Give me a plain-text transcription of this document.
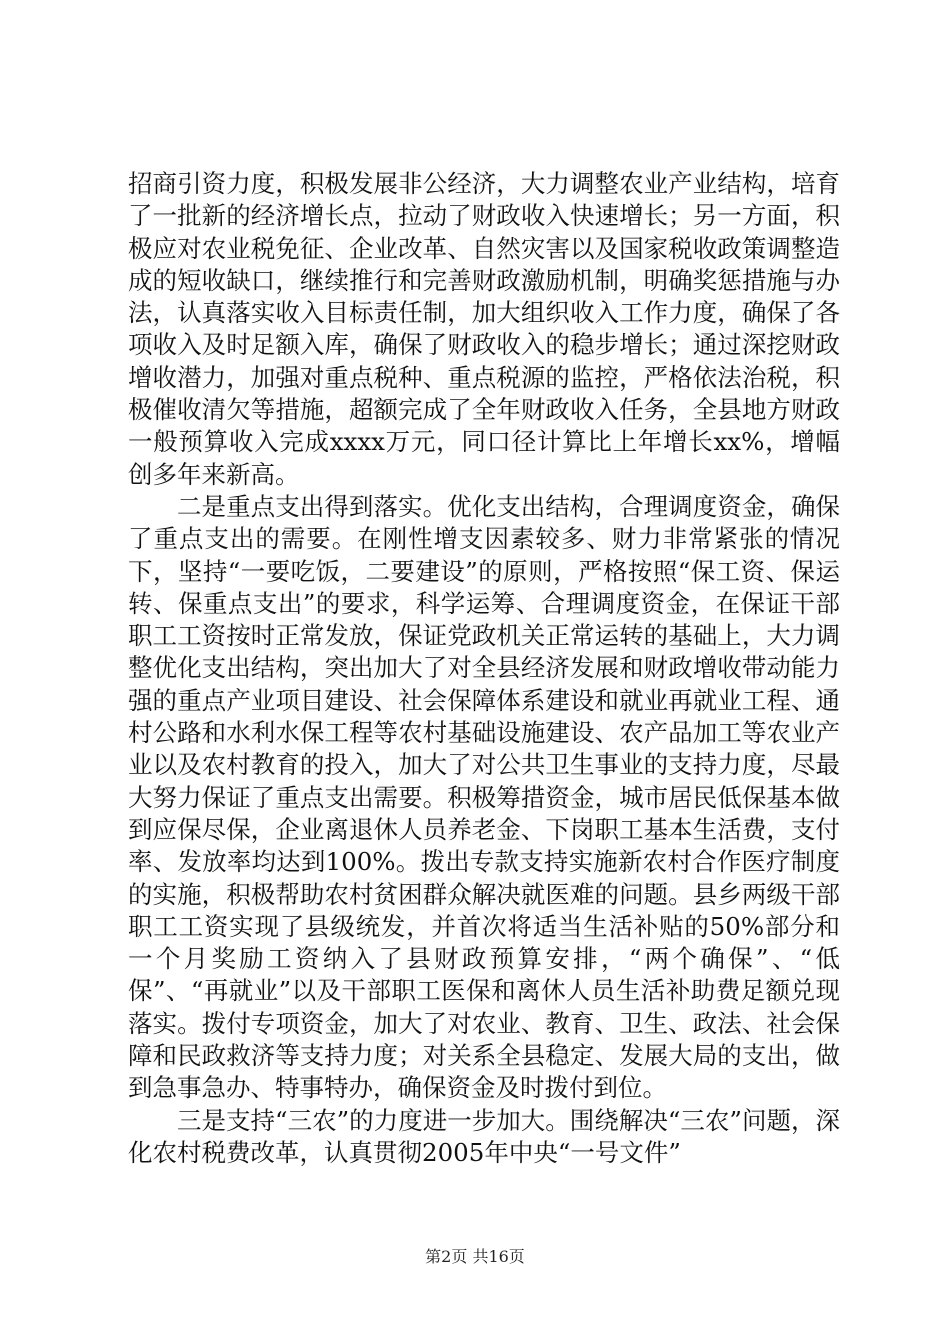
招商引资力度，积极发展非公经济，大力调整农业产业结构，培育了一批新的经济增长点，拉动了财政收入快速增长；另一方面，积极应对农业税免征、企业改革、自然灾害以及国家税收政策调整造成的短收缺口，继续推行和完善财政激励机制，明确奖惩措施与办法，认真落实收入目标责任制，加大组织收入工作力度，确保了各项收入及时足额入库，确保了财政收入的稳步增长；通过深挖财政增收潜力，加强对重点税种、重点税源的监控，严格依法治税，积极催收清欠等措施，超额完成了全年财政收入任务，全县地方财政一般预算收入完成xxxx万元，同口径计算比上年增长xx%，增幅创多年来新高。

二是重点支出得到落实。优化支出结构，合理调度资金，确保了重点支出的需要。在刚性增支因素较多、财力非常紧张的情况下，坚持“一要吃饭，二要建设”的原则，严格按照“保工资、保运转、保重点支出”的要求，科学运筹、合理调度资金，在保证干部职工工资按时正常发放，保证党政机关正常运转的基础上，大力调整优化支出结构，突出加大了对全县经济发展和财政增收带动能力强的重点产业项目建设、社会保障体系建设和就业再就业工程、通村公路和水利水保工程等农村基础设施建设、农产品加工等农业产业以及农村教育的投入，加大了对公共卫生事业的支持力度，尽最大努力保证了重点支出需要。积极筹措资金，城市居民低保基本做到应保尽保，企业离退休人员养老金、下岗职工基本生活费，支付率、发放率均达到100%。拨出专款支持实施新农村合作医疗制度的实施，积极帮助农村贫困群众解决就医难的问题。县乡两级干部职工工资实现了县级统发，并首次将适当生活补贴的50%部分和一个月奖励工资纳入了县财政预算安排，“两个确保”、“低保”、“再就业”以及干部职工医保和离休人员生活补助费足额兑现落实。拨付专项资金，加大了对农业、教育、卫生、政法、社会保障和民政救济等支持力度；对关系全县稳定、发展大局的支出，做到急事急办、特事特办，确保资金及时拨付到位。

三是支持“三农”的力度进一步加大。围绕解决“三农”问题，深化农村税费改革，认真贯彻2005年中央“一号文件”

第2页 共16页
